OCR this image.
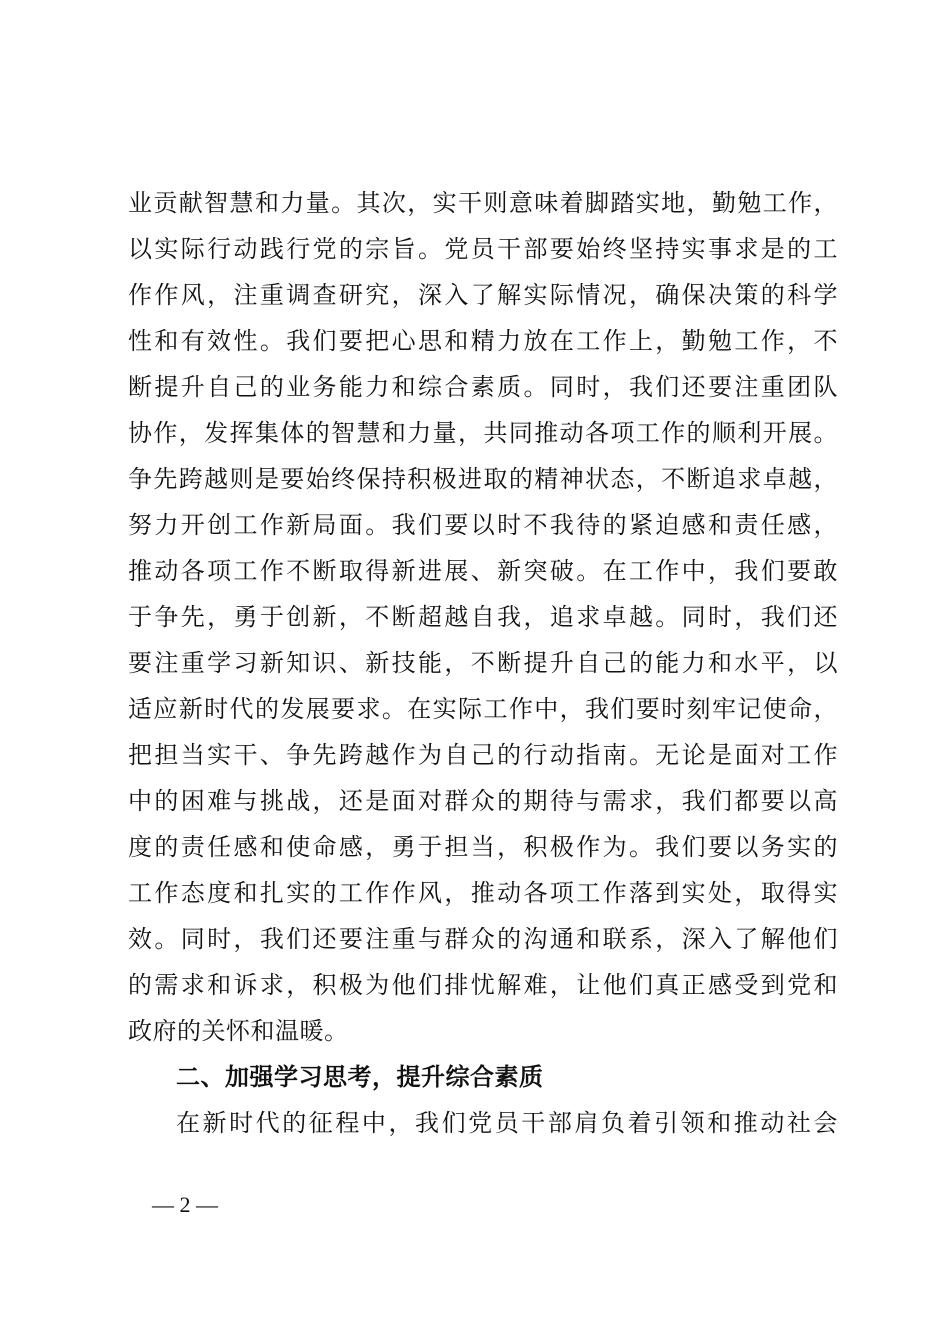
业贡献智慧和力量。其次，实干则意味着脚踏实地，勤勉工作，
以实际行动践行党的宗旨。党员干部要始终坚持实事求是的工
作作风，注重调查研究，深入了解实际情况，确保决策的科学
性和有效性。我们要把心思和精力放在工作上，勤勉工作，不
断提升自己的业务能力和综合素质。同时，我们还要注重团队
协作，发挥集体的智慧和力量，共同推动各项工作的顺利开展。
争先跨越则是要始终保持积极进取的精神状态，不断追求卓越，
努力开创工作新局面。我们要以时不我待的紧迫感和责任感，
推动各项工作不断取得新进展、新突破。在工作中，我们要敢
于争先，勇于创新，不断超越自我，追求卓越。同时，我们还
要注重学习新知识、新技能，不断提升自己的能力和水平，以
适应新时代的发展要求。在实际工作中，我们要时刻牢记使命，
把担当实干、争先跨越作为自己的行动指南。无论是面对工作
中的困难与挑战，还是面对群众的期待与需求，我们都要以高
度的责任感和使命感，勇于担当，积极作为。我们要以务实的
工作态度和扎实的工作作风，推动各项工作落到实处，取得实
效。同时，我们还要注重与群众的沟通和联系，深入了解他们
的需求和诉求，积极为他们排忧解难，让他们真正感受到党和
政府的关怀和温暖。
二、加强学习思考，提升综合素质
在新时代的征程中，我们党员干部肩负着引领和推动社会
— 2 —
